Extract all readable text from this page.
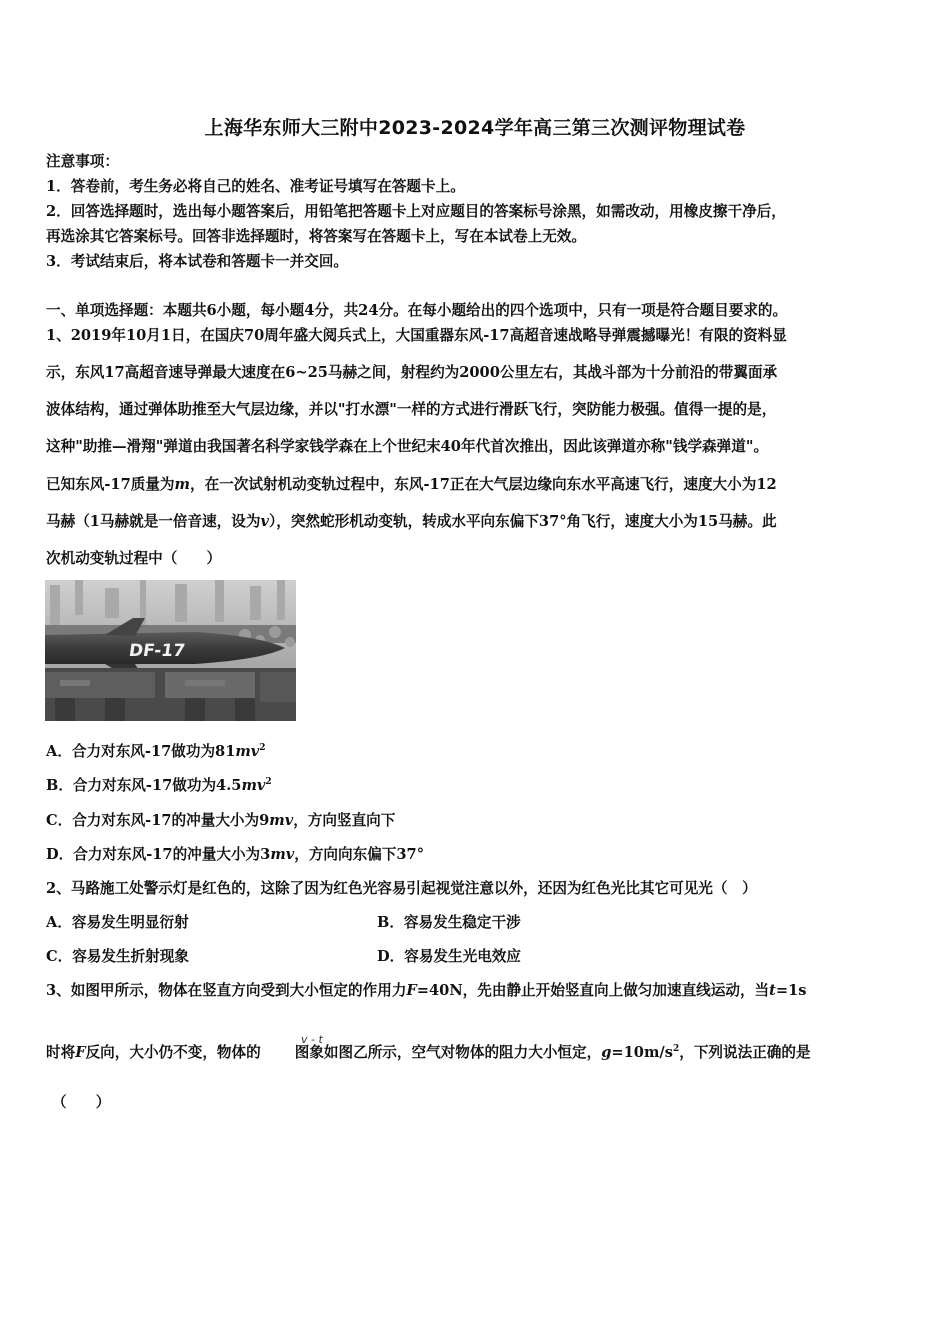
上海华东师大三附中2023-2024学年高三第三次测评物理试卷
注意事项：
1．答卷前，考生务必将自己的姓名、准考证号填写在答题卡上。
2．回答选择题时，选出每小题答案后，用铅笔把答题卡上对应题目的答案标号涂黑，如需改动，用橡皮擦干净后，
再选涂其它答案标号。回答非选择题时，将答案写在答题卡上，写在本试卷上无效。
3．考试结束后，将本试卷和答题卡一并交回。
一、单项选择题：本题共6小题，每小题4分，共24分。在每小题给出的四个选项中，只有一项是符合题目要求的。
1、2019年10月1日，在国庆70周年盛大阅兵式上，大国重器东风-17高超音速战略导弹震撼曝光！有限的资料显
示，东风17高超音速导弹最大速度在6~25马赫之间，射程约为2000公里左右，其战斗部为十分前沿的带翼面承
波体结构，通过弹体助推至大气层边缘，并以"打水漂"一样的方式进行滑跃飞行，突防能力极强。值得一提的是，
这种"助推—滑翔"弹道由我国著名科学家钱学森在上个世纪末40年代首次推出，因此该弹道亦称"钱学森弹道"。
已知东风-17质量为m，在一次试射机动变轨过程中，东风-17正在大气层边缘向东水平高速飞行，速度大小为12
马赫（1马赫就是一倍音速，设为v），突然蛇形机动变轨，转成水平向东偏下37°角飞行，速度大小为15马赫。此
次机动变轨过程中（　　）
DF-17
A．合力对东风-17做功为$81mv^2$
B．合力对东风-17做功为$4.5mv^2$
C．合力对东风-17的冲量大小为9mv，方向竖直向下
D．合力对东风-17的冲量大小为3mv，方向向东偏下37°
2、马路施工处警示灯是红色的，这除了因为红色光容易引起视觉注意以外，还因为红色光比其它可见光（　）
A．容易发生明显衍射	B．容易发生稳定干涉
C．容易发生折射现象	D．容易发生光电效应
3、如图甲所示，物体在竖直方向受到大小恒定的作用力F=40N，先由静止开始竖直向上做匀加速直线运动，当t=1s
v - t
时将F反向，大小仍不变，物体的 图象如图乙所示，空气对物体的阻力大小恒定，$g=10m/s^2$，下列说法正确的是
（　　）
